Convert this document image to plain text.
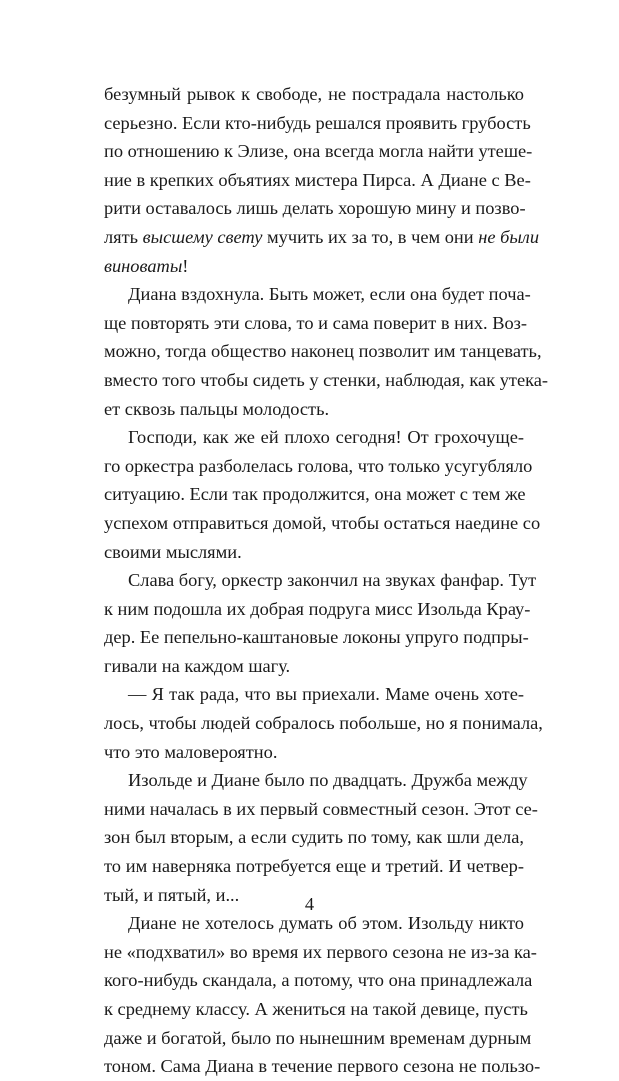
безумный рывок к свободе, не пострадала настолько
серьезно. Если кто-нибудь решался проявить грубость
по отношению к Элизе, она всегда могла найти утеше-
ние в крепких объятиях мистера Пирса. А Диане с Ве-
рити оставалось лишь делать хорошую мину и позво-
лять высшему свету мучить их за то, в чем они не были
виноваты!
Диана вздохнула. Быть может, если она будет поча-
ще повторять эти слова, то и сама поверит в них. Воз-
можно, тогда общество наконец позволит им танцевать,
вместо того чтобы сидеть у стенки, наблюдая, как утека-
ет сквозь пальцы молодость.
Господи, как же ей плохо сегодня! От грохочуще-
го оркестра разболелась голова, что только усугубляло
ситуацию. Если так продолжится, она может с тем же
успехом отправиться домой, чтобы остаться наедине со
своими мыслями.
Слава богу, оркестр закончил на звуках фанфар. Тут
к ним подошла их добрая подруга мисс Изольда Крау-
дер. Ее пепельно-каштановые локоны упруго подпры-
гивали на каждом шагу.
— Я так рада, что вы приехали. Маме очень хоте-
лось, чтобы людей собралось побольше, но я понимала,
что это маловероятно.
Изольде и Диане было по двадцать. Дружба между
ними началась в их первый совместный сезон. Этот се-
зон был вторым, а если судить по тому, как шли дела,
то им наверняка потребуется еще и третий. И четвер-
тый, и пятый, и...
Диане не хотелось думать об этом. Изольду никто
не «подхватил» во время их первого сезона не из-за ка-
кого-нибудь скандала, а потому, что она принадлежала
к среднему классу. А жениться на такой девице, пусть
даже и богатой, было по нынешним временам дурным
тоном. Сама Диана в течение первого сезона не пользо-
4
